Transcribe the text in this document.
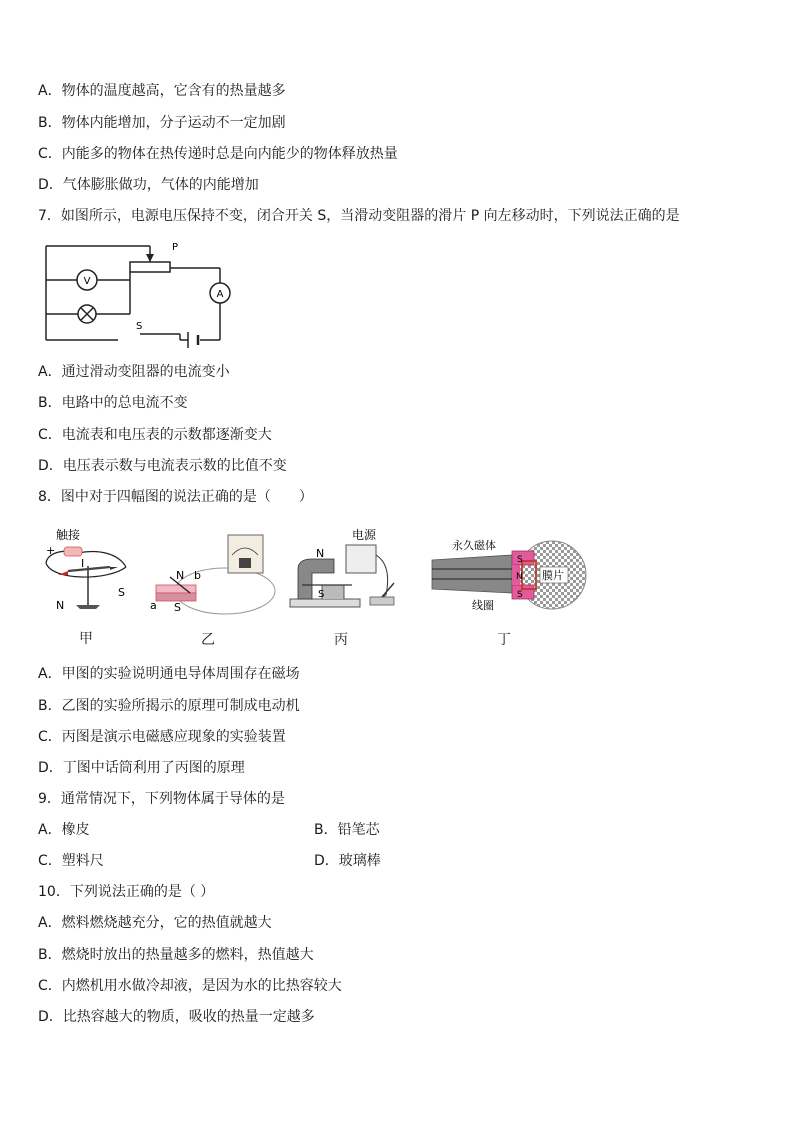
A．物体的温度越高，它含有的热量越多
B．物体内能增加，分子运动不一定加剧
C．内能多的物体在热传递时总是向内能少的物体释放热量
D．气体膨胀做功，气体的内能增加
7．如图所示，电源电压保持不变，闭合开关 S，当滑动变阻器的滑片 P 向左移动时，下列说法正确的是
V
A
P
S
A．通过滑动变阻器的电流变小
B．电路中的总电流不变
C．电流表和电压表的示数都逐渐变大
D．电压表示数与电流表示数的比值不变
8．图中对于四幅图的说法正确的是（　　）
触接
+
I
N
S
甲
N b
a S
乙
电源
N
S
丙
永久磁体
膜片
线圈
S
N
S
丁
A．甲图的实验说明通电导体周围存在磁场
B．乙图的实验所揭示的原理可制成电动机
C．丙图是演示电磁感应现象的实验装置
D．丁图中话筒利用了丙图的原理
9．通常情况下，下列物体属于导体的是
A．橡皮	B．铅笔芯
C．塑料尺	D．玻璃棒
10．下列说法正确的是（ ）
A．燃料燃烧越充分，它的热值就越大
B．燃烧时放出的热量越多的燃料，热值越大
C．内燃机用水做冷却液，是因为水的比热容较大
D．比热容越大的物质，吸收的热量一定越多
